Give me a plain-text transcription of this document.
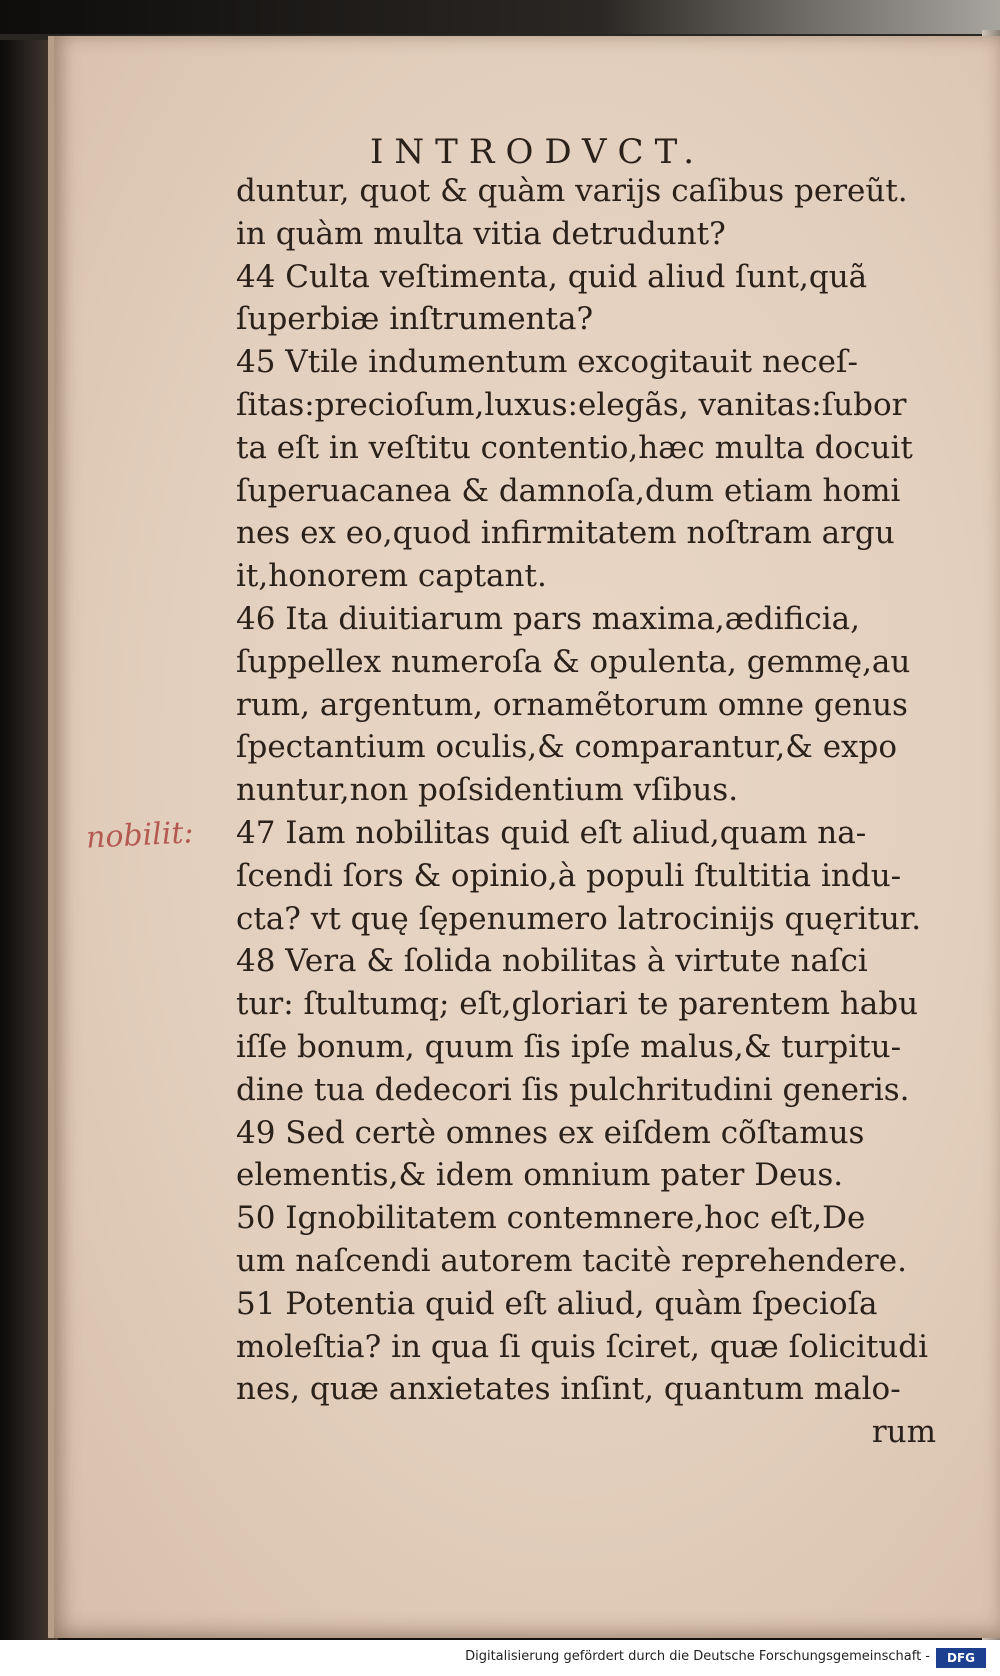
INTRODVCT.
nobilit:
duntur, quot & quàm varijs caſibus pereũt.
in quàm multa vitia detrudunt?
44 Culta veſtimenta, quid aliud ſunt,quã
ſuperbiæ inſtrumenta?
45 Vtile indumentum excogitauit neceſ-
ſitas:precioſum,luxus:elegãs, vanitas:ſubor
ta eſt in veſtitu contentio,hæc multa docuit
ſuperuacanea & damnoſa,dum etiam homi
nes ex eo,quod infirmitatem noſtram argu
it,honorem captant.
46 Ita diuitiarum pars maxima,ædificia,
ſuppellex numeroſa & opulenta, gemmę,au
rum, argentum, ornamẽtorum omne genus
ſpectantium oculis,& comparantur,& expo
nuntur,non poſsidentium vſibus.
47 Iam nobilitas quid eſt aliud,quam na-
ſcendi ſors & opinio,à populi ſtultitia indu-
cta? vt quę ſępenumero latrocinijs quęritur.
48 Vera & ſolida nobilitas à virtute naſci
tur: ſtultumq; eſt,gloriari te parentem habu
iſſe bonum, quum ſis ipſe malus,& turpitu-
dine tua dedecori ſis pulchritudini generis.
49 Sed certè omnes ex eiſdem cõſtamus
elementis,& idem omnium pater Deus.
50 Ignobilitatem contemnere,hoc eſt,De
um naſcendi autorem tacitè reprehendere.
51 Potentia quid eſt aliud, quàm ſpecioſa
moleſtia? in qua ſi quis ſciret, quæ ſolicitudi
nes, quæ anxietates inſint, quantum malo-
rum
Digitalisierung gefördert durch die Deutsche Forschungsgemeinschaft -	DFG
